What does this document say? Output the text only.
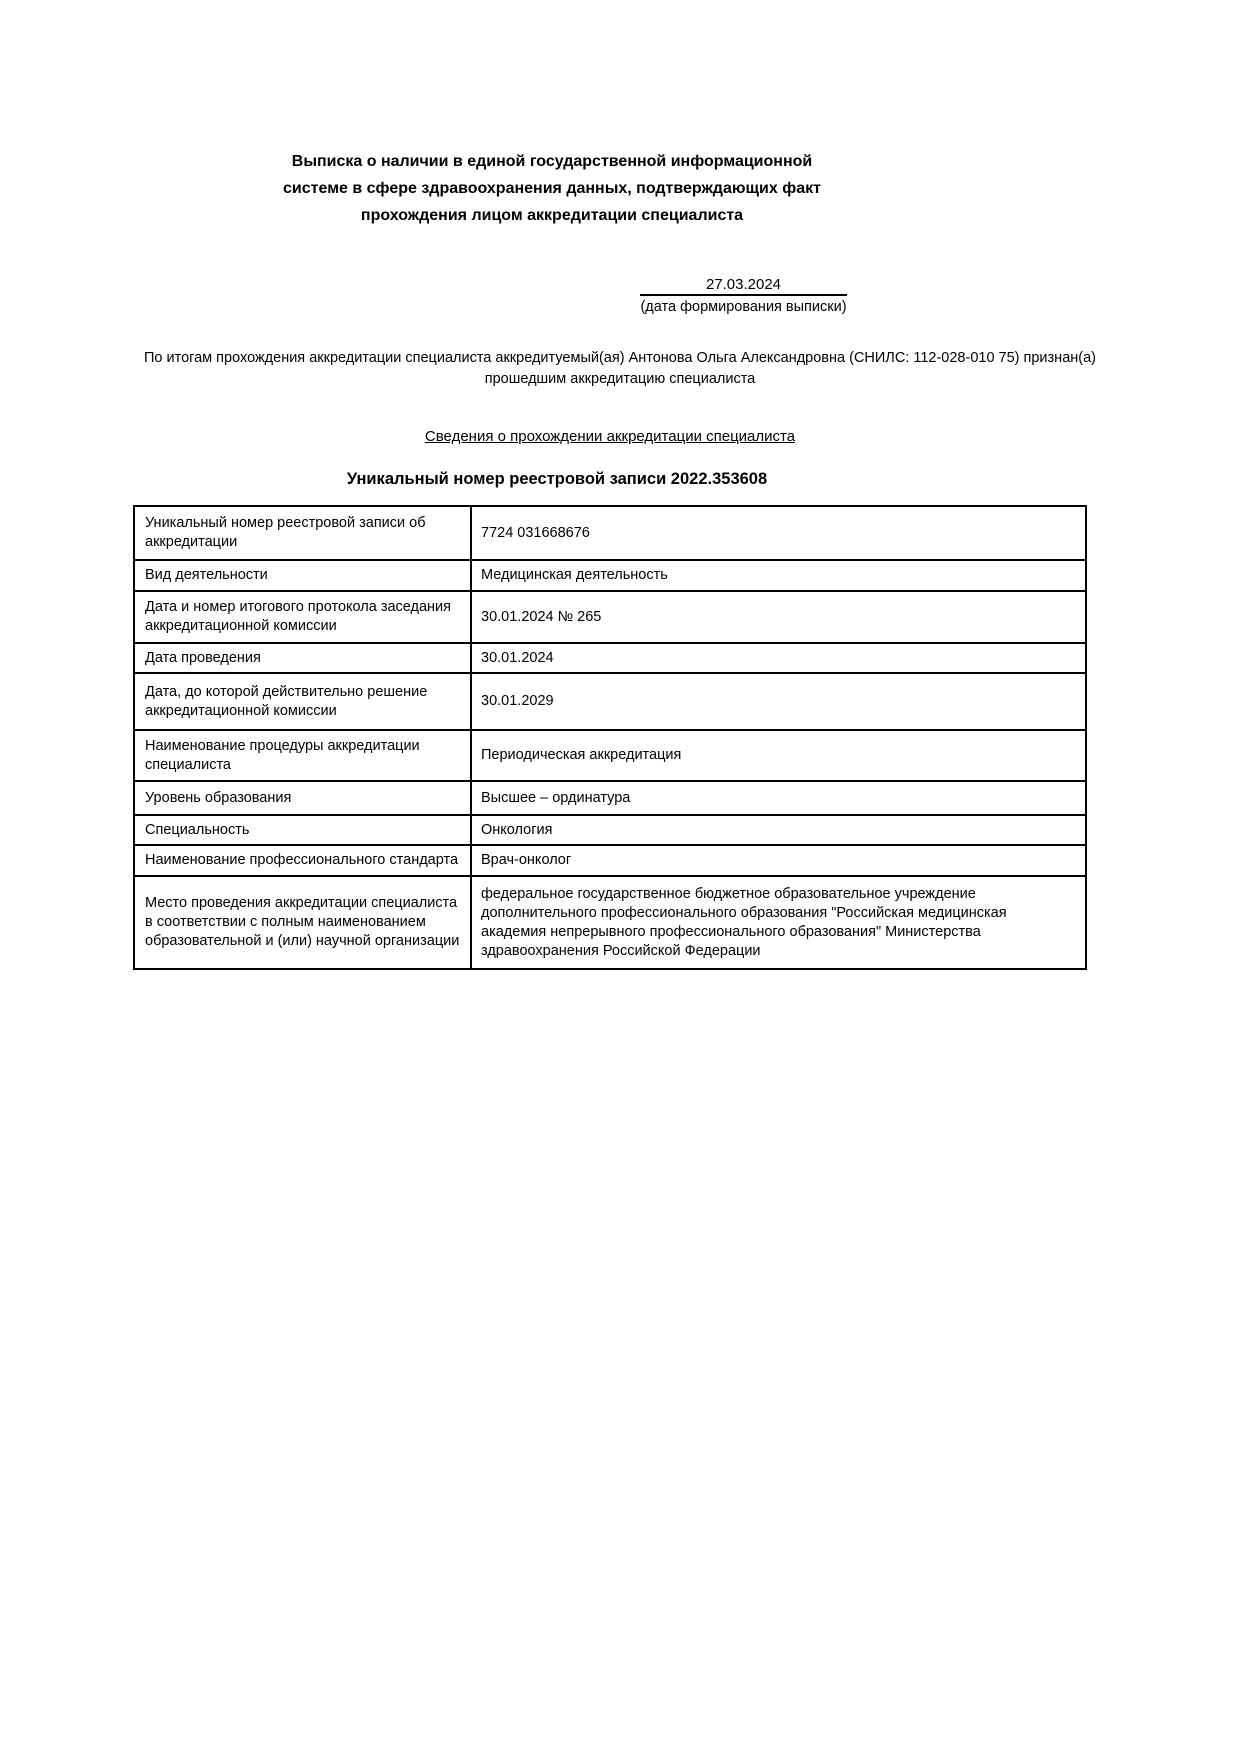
Выписка о наличии в единой государственной информационной
системе в сфере здравоохранения данных, подтверждающих факт
прохождения лицом аккредитации специалиста
27.03.2024
(дата формирования выписки)
По итогам прохождения аккредитации специалиста аккредитуемый(ая) Антонова Ольга Александровна (СНИЛС: 112-028-010 75) признан(а) прошедшим аккредитацию специалиста
Сведения о прохождении аккредитации специалиста
Уникальный номер реестровой записи 2022.353608
Уникальный номер реестровой записи об аккредитации	7724 031668676
Вид деятельности	Медицинская деятельность
Дата и номер итогового протокола заседания аккредитационной комиссии	30.01.2024 № 265
Дата проведения	30.01.2024
Дата, до которой действительно решение аккредитационной комиссии	30.01.2029
Наименование процедуры аккредитации специалиста	Периодическая аккредитация
Уровень образования	Высшее – ординатура
Специальность	Онкология
Наименование профессионального стандарта	Врач-онколог
Место проведения аккредитации специалиста в соответствии с полным наименованием образовательной и (или) научной организации	федеральное государственное бюджетное образовательное учреждение дополнительного профессионального образования "Российская медицинская академия непрерывного профессионального образования" Министерства здравоохранения Российской Федерации
